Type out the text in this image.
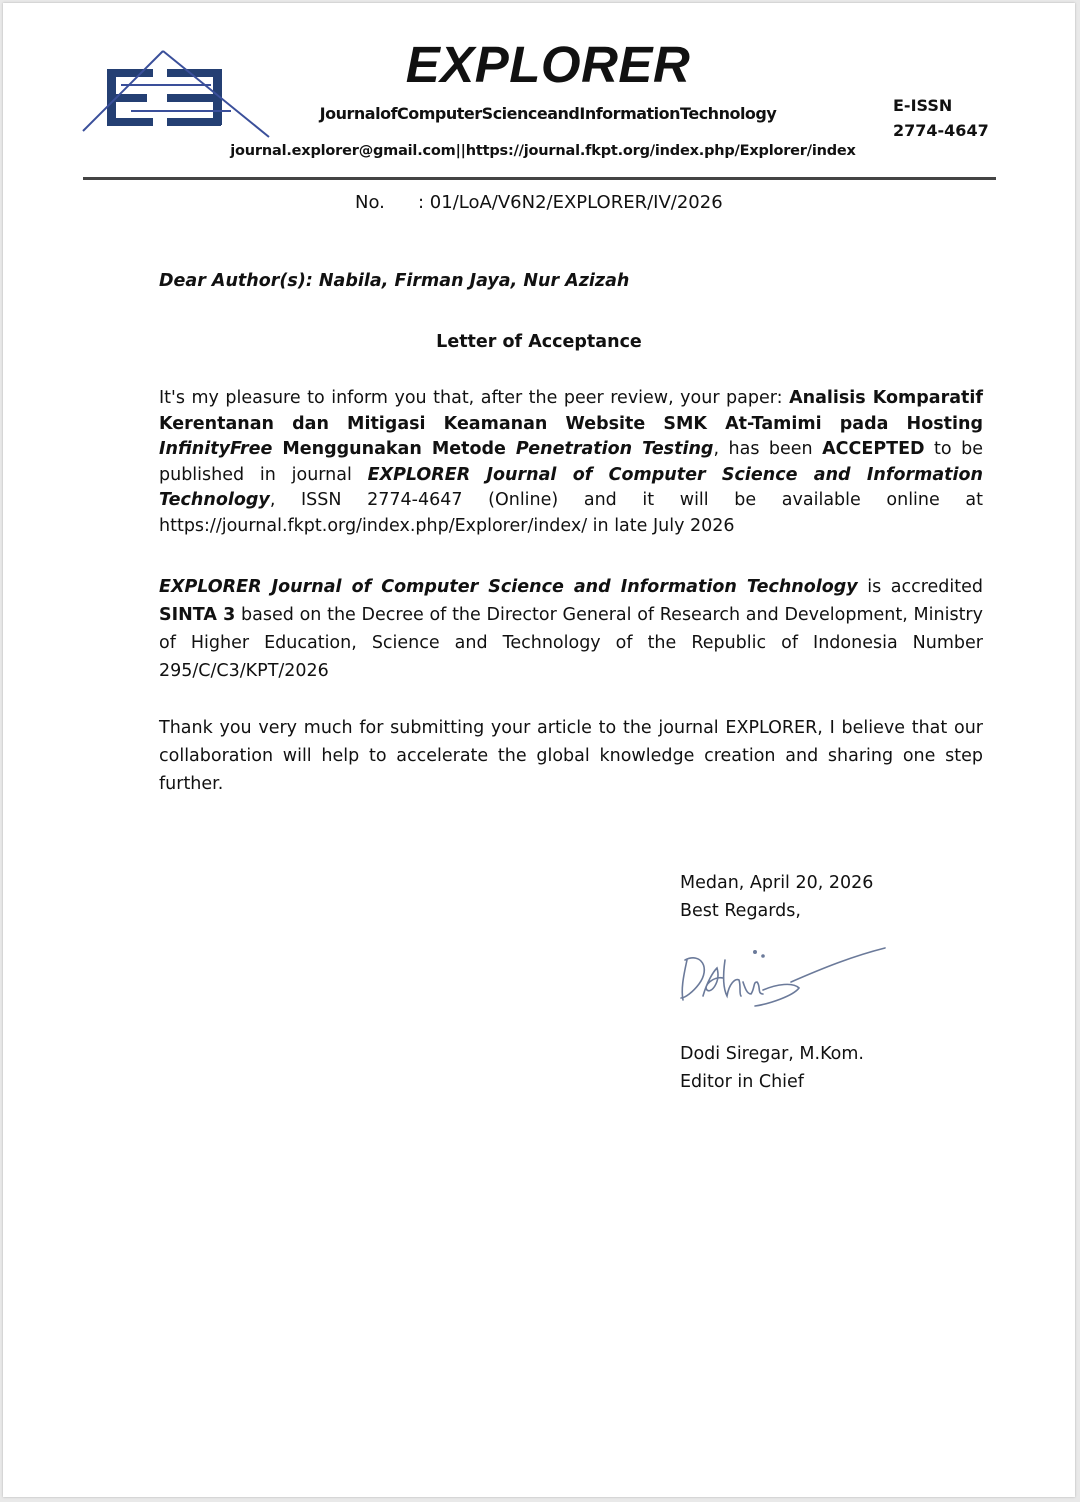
EXPLORER
JournalofComputerScienceandInformationTechnology	E-ISSN
2774-4647
journal.explorer@gmail.com||https://journal.fkpt.org/index.php/Explorer/index
No. : 01/LoA/V6N2/EXPLORER/IV/2026
Dear Author(s): Nabila, Firman Jaya, Nur Azizah
Letter of Acceptance
It's my pleasure to inform you that, after the peer review, your paper: Analisis Komparatif Kerentanan dan Mitigasi Keamanan Website SMK At-Tamimi pada Hosting InfinityFree Menggunakan Metode Penetration Testing, has been ACCEPTED to be published in journal EXPLORER Journal of Computer Science and Information Technology, ISSN 2774-4647 (Online) and it will be available online at https://journal.fkpt.org/index.php/Explorer/index/ in late July 2026
EXPLORER Journal of Computer Science and Information Technology is accredited SINTA 3 based on the Decree of the Director General of Research and Development, Ministry of Higher Education, Science and Technology of the Republic of Indonesia Number 295/C/C3/KPT/2026
Thank you very much for submitting your article to the journal EXPLORER, I believe that our collaboration will help to accelerate the global knowledge creation and sharing one step further.
Medan, April 20, 2026
Best Regards,
Dodi Siregar, M.Kom.
Editor in Chief
